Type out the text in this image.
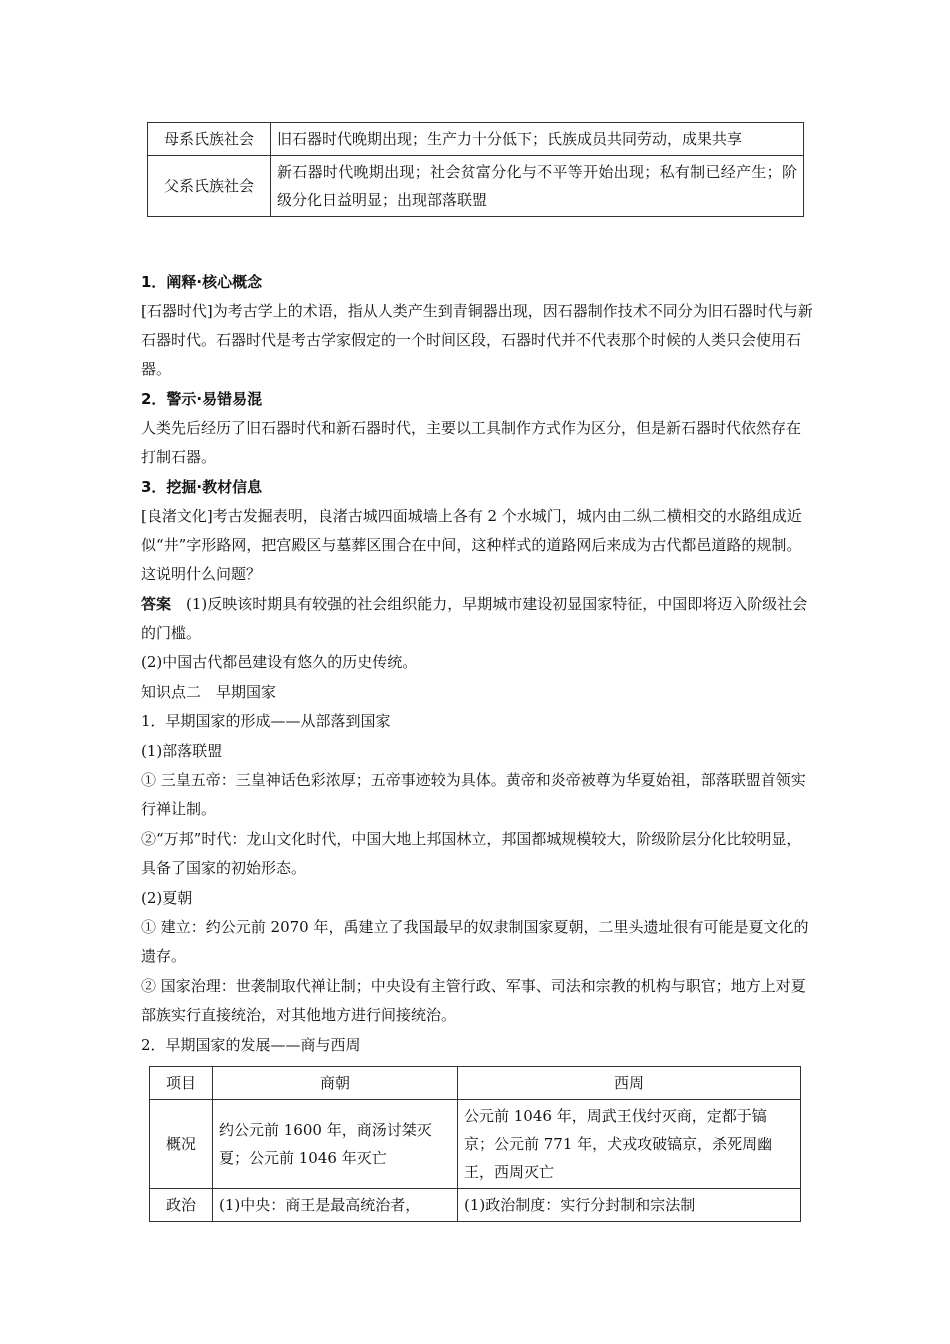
母系氏族社会	旧石器时代晚期出现；生产力十分低下；氏族成员共同劳动，成果共享
父系氏族社会	新石器时代晚期出现；社会贫富分化与不平等开始出现；私有制已经产生；阶级分化日益明显；出现部落联盟

1．阐释·核心概念

[石器时代]为考古学上的术语，指从人类产生到青铜器出现，因石器制作技术不同分为旧石器时代与新石器时代。石器时代是考古学家假定的一个时间区段，石器时代并不代表那个时候的人类只会使用石器。

2．警示·易错易混

人类先后经历了旧石器时代和新石器时代，主要以工具制作方式作为区分，但是新石器时代依然存在打制石器。

3．挖掘·教材信息

[良渚文化]考古发掘表明，良渚古城四面城墙上各有 2 个水城门，城内由二纵二横相交的水路组成近似“井”字形路网，把宫殿区与墓葬区围合在中间，这种样式的道路网后来成为古代都邑道路的规制。这说明什么问题？

答案  (1)反映该时期具有较强的社会组织能力，早期城市建设初显国家特征，中国即将迈入阶级社会的门槛。

(2)中国古代都邑建设有悠久的历史传统。

知识点二　早期国家

1．早期国家的形成——从部落到国家

(1)部落联盟

① 三皇五帝：三皇神话色彩浓厚；五帝事迹较为具体。黄帝和炎帝被尊为华夏始祖，部落联盟首领实行禅让制。

②“万邦”时代：龙山文化时代，中国大地上邦国林立，邦国都城规模较大，阶级阶层分化比较明显，具备了国家的初始形态。

(2)夏朝

① 建立：约公元前 2070 年，禹建立了我国最早的奴隶制国家夏朝，二里头遗址很有可能是夏文化的遗存。

② 国家治理：世袭制取代禅让制；中央设有主管行政、军事、司法和宗教的机构与职官；地方上对夏部族实行直接统治，对其他地方进行间接统治。

2．早期国家的发展——商与西周

项目	商朝	西周
概况	约公元前 1600 年，商汤讨桀灭夏；公元前 1046 年灭亡	公元前 1046 年，周武王伐纣灭商，定都于镐京；公元前 771 年，犬戎攻破镐京，杀死周幽王，西周灭亡
政治	(1)中央：商王是最高统治者，	(1)政治制度：实行分封制和宗法制
